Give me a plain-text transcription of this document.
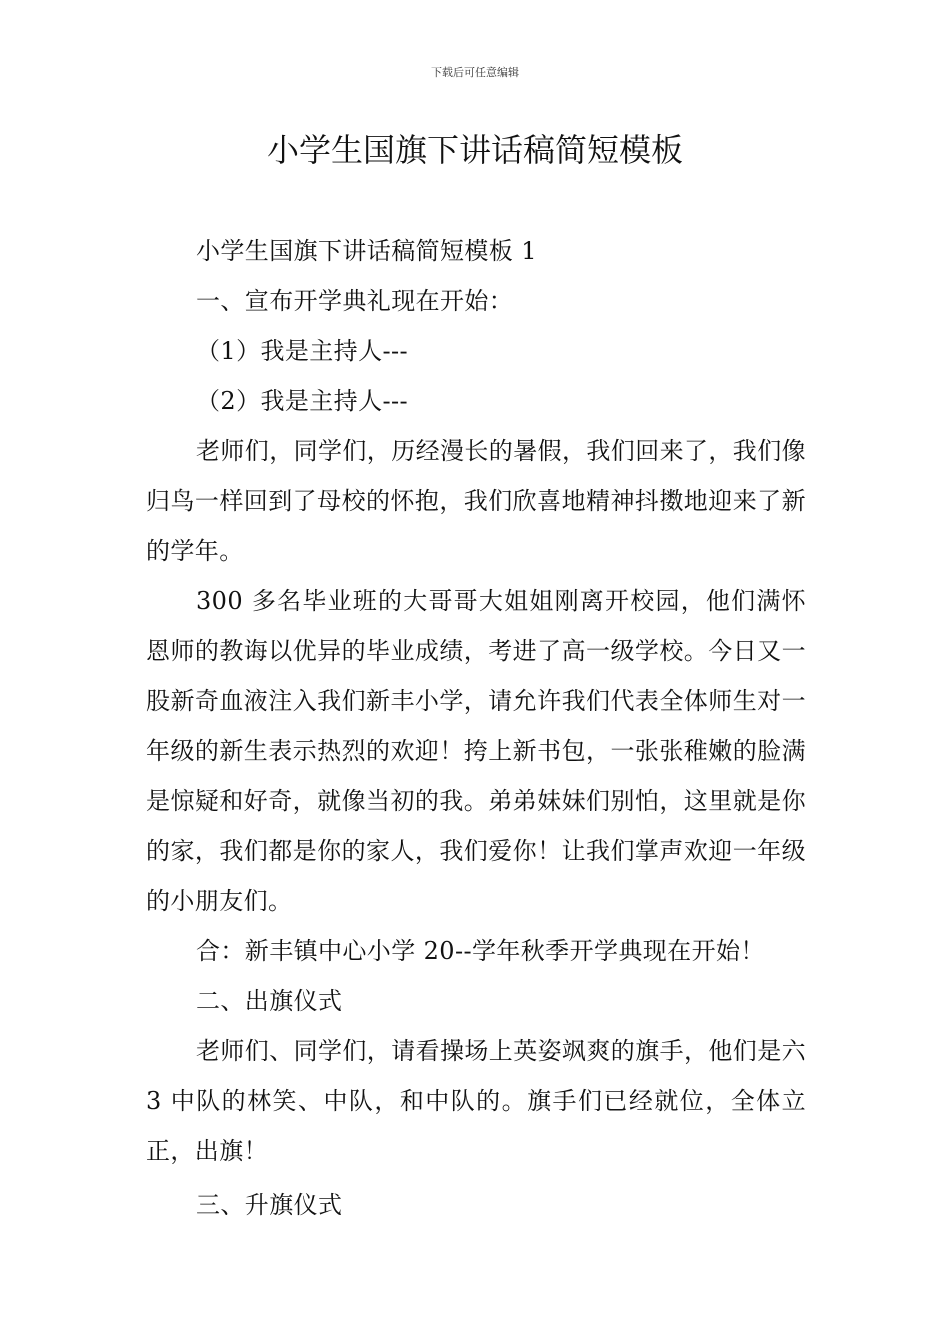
下载后可任意编辑
小学生国旗下讲话稿简短模板

小学生国旗下讲话稿简短模板 1

一、宣布开学典礼现在开始：

（1）我是主持人---

（2）我是主持人---

老师们，同学们，历经漫长的暑假，我们回来了，我们像归鸟一样回到了母校的怀抱，我们欣喜地精神抖擞地迎来了新的学年。

300 多名毕业班的大哥哥大姐姐刚离开校园，他们满怀恩师的教诲以优异的毕业成绩，考进了高一级学校。今日又一股新奇血液注入我们新丰小学，请允许我们代表全体师生对一年级的新生表示热烈的欢迎！挎上新书包，一张张稚嫩的脸满是惊疑和好奇，就像当初的我。弟弟妹妹们别怕，这里就是你的家，我们都是你的家人，我们爱你！让我们掌声欢迎一年级的小朋友们。

合：新丰镇中心小学 20--学年秋季开学典现在开始！

二、出旗仪式

老师们、同学们，请看操场上英姿飒爽的旗手，他们是六 3 中队的林笑、中队，和中队的。旗手们已经就位，全体立正，出旗！

三、升旗仪式
